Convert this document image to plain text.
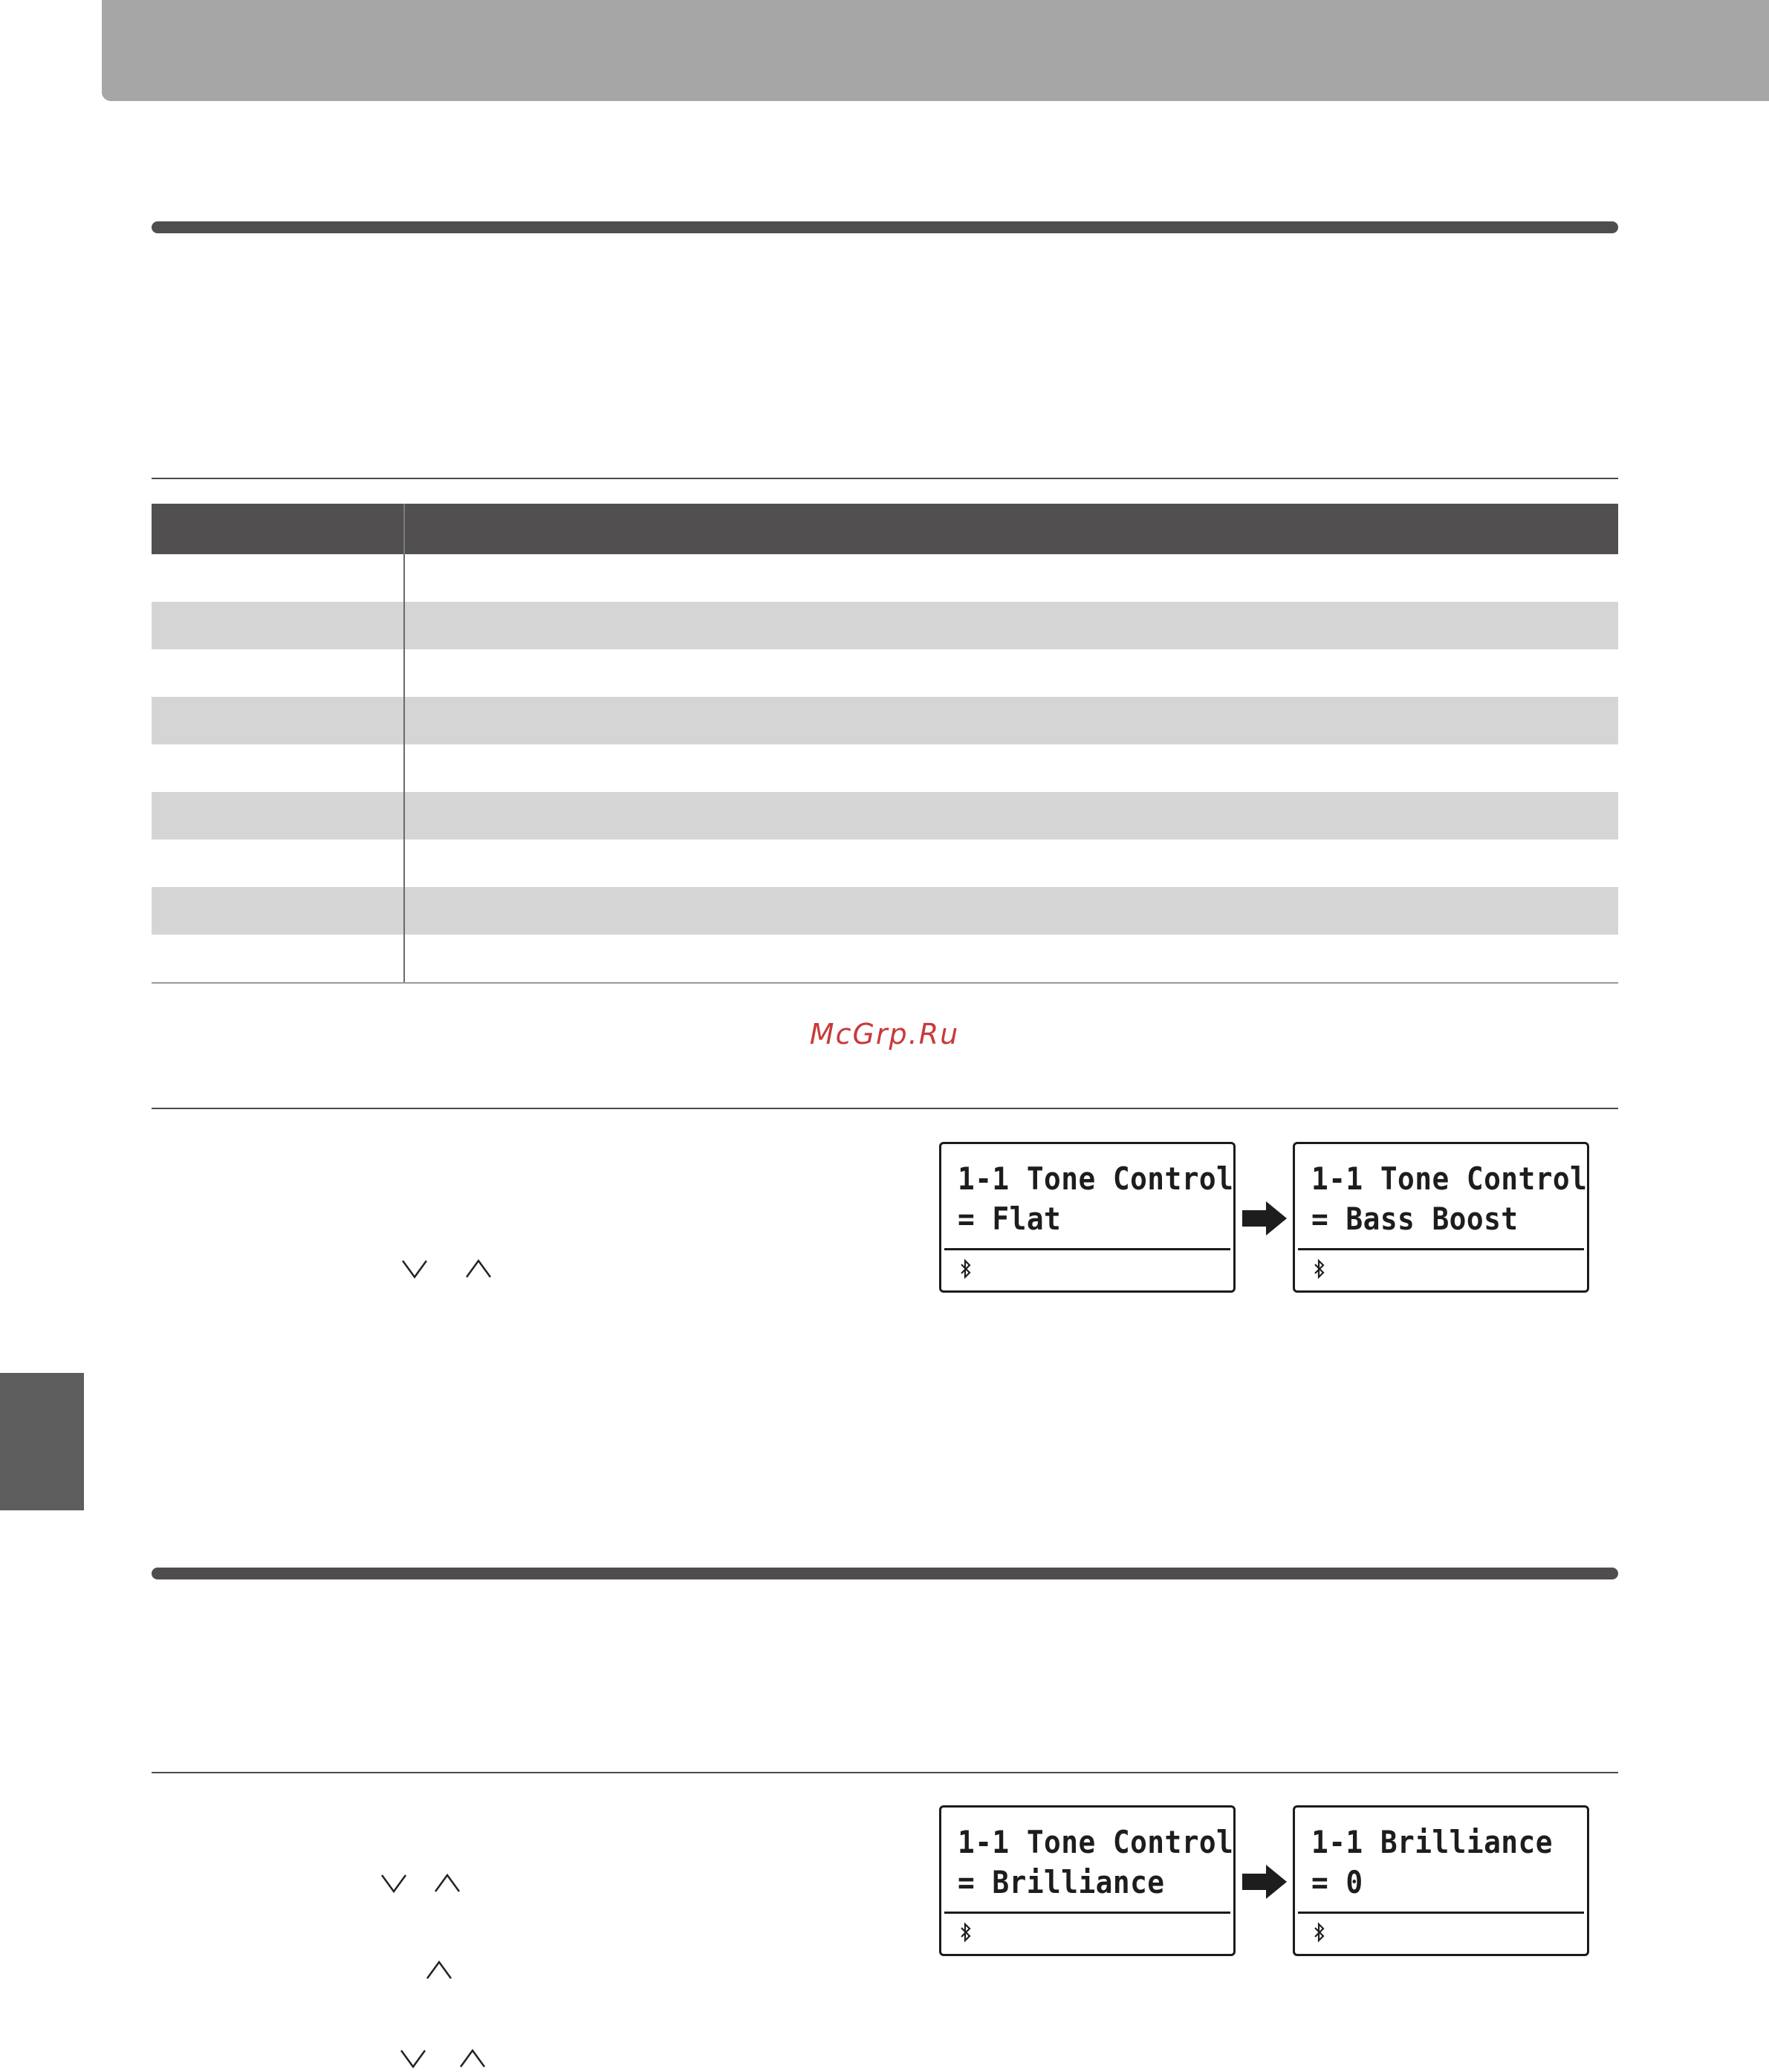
McGrp.Ru
1-1 Tone Control
= Flat
1-1 Tone Control
= Bass Boost
1-1 Tone Control
= Brilliance
1-1 Brilliance
= 0
